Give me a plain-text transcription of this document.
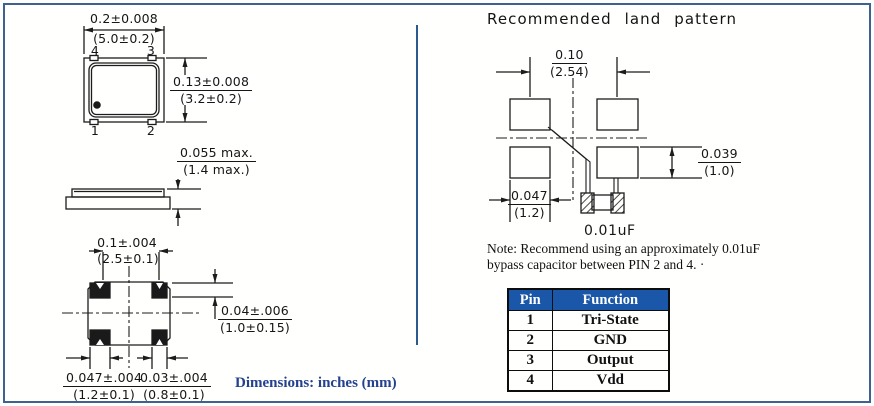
0.2±0.008
(5.0±0.2)
4	3
1	2
$\frac{0.13\pm 0.008}{(3.2\pm 0.2)}$
0.055 max.
(1.4 max.)
0.1±.004
(2.5±0.1)
$\frac{0.04\pm.006}{(1.0\pm 0.15)}$
$\frac{0.047\pm.004}{(1.2\pm 0.1)}$
$\frac{0.03\pm.004}{(0.8\pm 0.1)}$ Dimensions: inches (mm)
Recommended land pattern
$\frac{0.10}{(2.54)}$
$\frac{0.039}{(1.0)}$
$\frac{0.047}{(1.2)}$
0.01uF
Note: Recommend using an approximately 0.01uF
bypass capacitor between PIN 2 and 4. ·
Pin	Function
1	Tri-State
2	GND
3	Output
4	Vdd
